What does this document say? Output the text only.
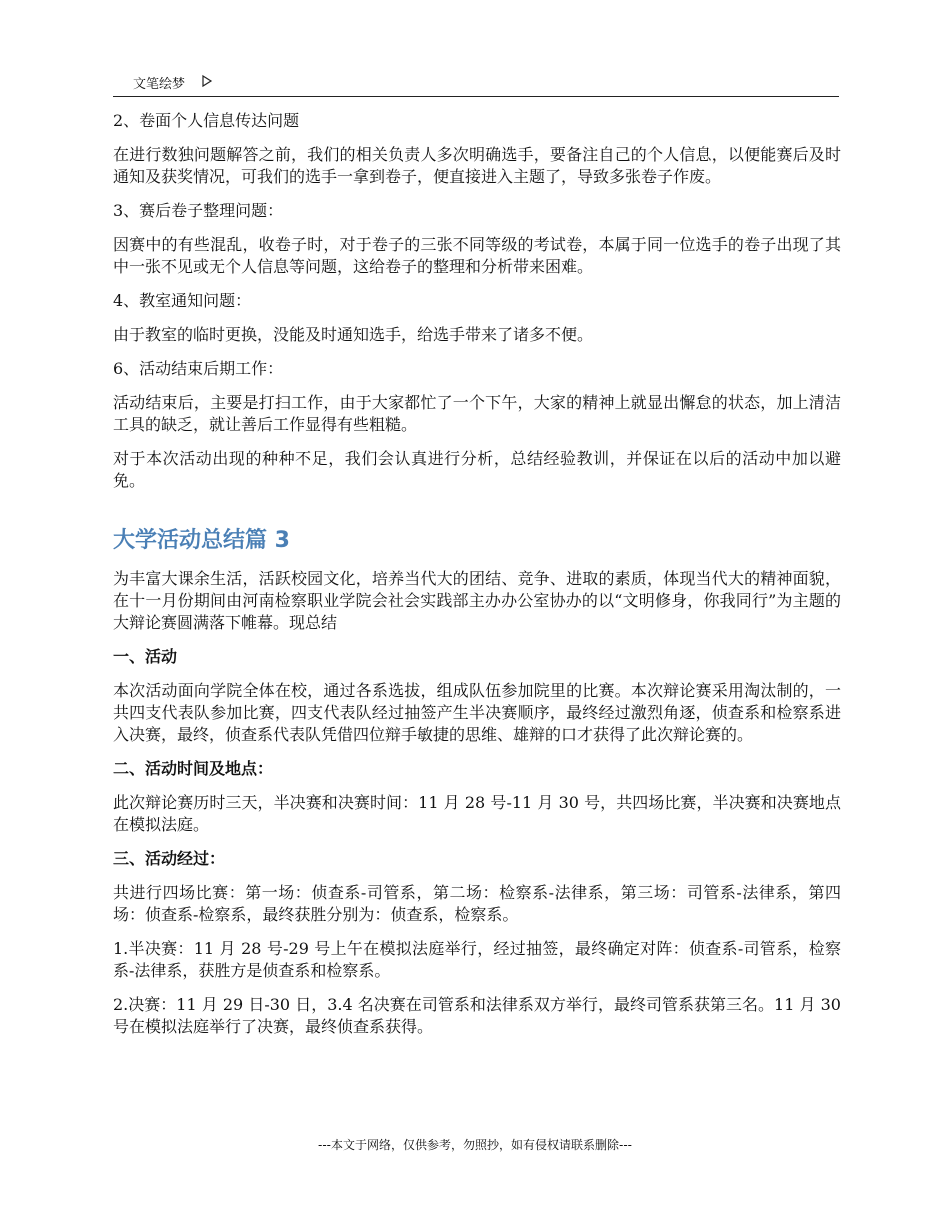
文笔绘梦

2、卷面个人信息传达问题

在进行数独问题解答之前，我们的相关负责人多次明确选手，要备注自己的个人信息，以便能赛后及时通知及获奖情况，可我们的选手一拿到卷子，便直接进入主题了，导致多张卷子作废。

3、赛后卷子整理问题：

因赛中的有些混乱，收卷子时，对于卷子的三张不同等级的考试卷，本属于同一位选手的卷子出现了其中一张不见或无个人信息等问题，这给卷子的整理和分析带来困难。

4、教室通知问题：

由于教室的临时更换，没能及时通知选手，给选手带来了诸多不便。

6、活动结束后期工作：

活动结束后，主要是打扫工作，由于大家都忙了一个下午，大家的精神上就显出懈怠的状态，加上清洁工具的缺乏，就让善后工作显得有些粗糙。

对于本次活动出现的种种不足，我们会认真进行分析，总结经验教训，并保证在以后的活动中加以避免。

大学活动总结篇 3

为丰富大课余生活，活跃校园文化，培养当代大的团结、竞争、进取的素质，体现当代大的精神面貌，在十一月份期间由河南检察职业学院会社会实践部主办办公室协办的以“文明修身，你我同行”为主题的大辩论赛圆满落下帷幕。现总结

一、活动

本次活动面向学院全体在校，通过各系选拔，组成队伍参加院里的比赛。本次辩论赛采用淘汰制的，一共四支代表队参加比赛，四支代表队经过抽签产生半决赛顺序，最终经过激烈角逐，侦查系和检察系进入决赛，最终，侦查系代表队凭借四位辩手敏捷的思维、雄辩的口才获得了此次辩论赛的。

二、活动时间及地点：

此次辩论赛历时三天，半决赛和决赛时间：11 月 28 号-11 月 30 号，共四场比赛，半决赛和决赛地点在模拟法庭。

三、活动经过：

共进行四场比赛：第一场：侦查系-司管系，第二场：检察系-法律系，第三场：司管系-法律系，第四场：侦查系-检察系，最终获胜分别为：侦查系，检察系。

1.半决赛：11 月 28 号-29 号上午在模拟法庭举行，经过抽签，最终确定对阵：侦查系-司管系，检察系-法律系，获胜方是侦查系和检察系。

2.决赛：11 月 29 日-30 日，3.4 名决赛在司管系和法律系双方举行，最终司管系获第三名。11 月 30 号在模拟法庭举行了决赛，最终侦查系获得。

---本文于网络，仅供参考，勿照抄，如有侵权请联系删除---
